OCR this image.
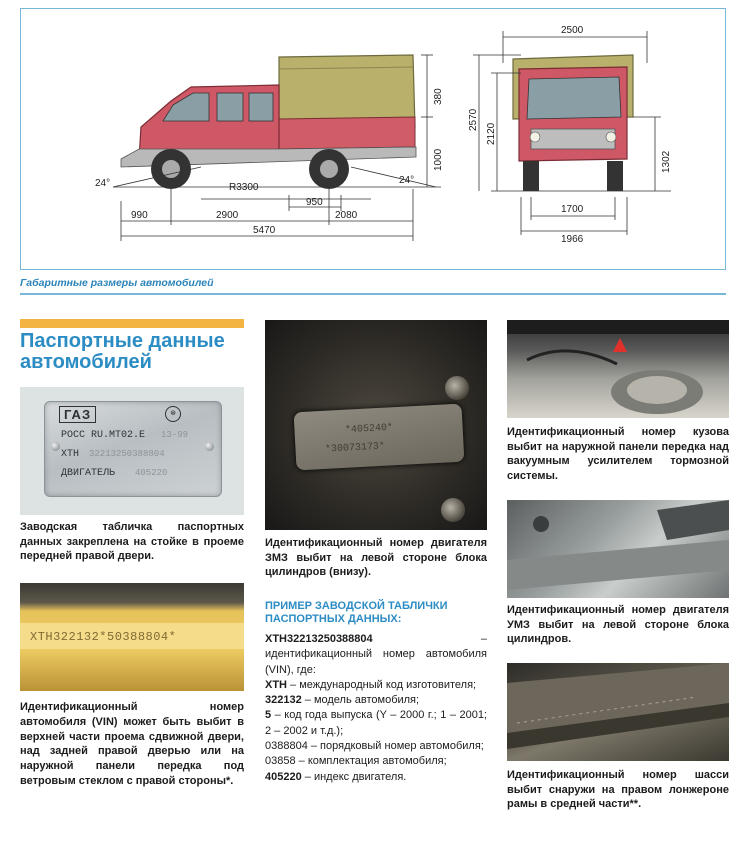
24°	24°
R3300
950
990	2900	2080
5470
380
1000
2500
2570
2120
1302
1700
1966
Габаритные размеры автомобилей
Паспортные данные автомобилей
ГАЗ	⊛
РОСС RU.МТ02.Е 13-99
XTH 32213250388804
ДВИГАТЕЛЬ 405220
Заводская табличка паспортных данных закреплена на стойке в проеме передней правой двери.
XTH322132*50388804*
Идентификационный номер автомобиля (VIN) может быть выбит в верхней части проема сдвижной двери, над задней правой дверью или на наружной панели передка под ветровым стеклом с правой стороны*.
*405240*
*30073173*
Идентификационный номер двигателя ЗМЗ выбит на левой стороне блока цилиндров (внизу).
ПРИМЕР ЗАВОДСКОЙ ТАБЛИЧКИ ПАСПОРТНЫХ ДАННЫХ:

XTH32213250388804 – идентификационный номер автомобиля (VIN), где:

XTH – международный код изготовителя;

322132 – модель автомобиля;

5 – код года выпуска (Y – 2000 г.; 1 – 2001; 2 – 2002 и т.д.);

0388804 – порядковый номер автомобиля;

03858 – комплектация автомобиля;

405220 – индекс двигателя.

Идентификационный номер кузова выбит на наружной панели передка над вакуумным усилителем тормозной системы.
Идентификационный номер двигателя УМЗ выбит на левой стороне блока цилиндров.
Идентификационный номер шасси выбит снаружи на правом лонжероне рамы в средней части**.
